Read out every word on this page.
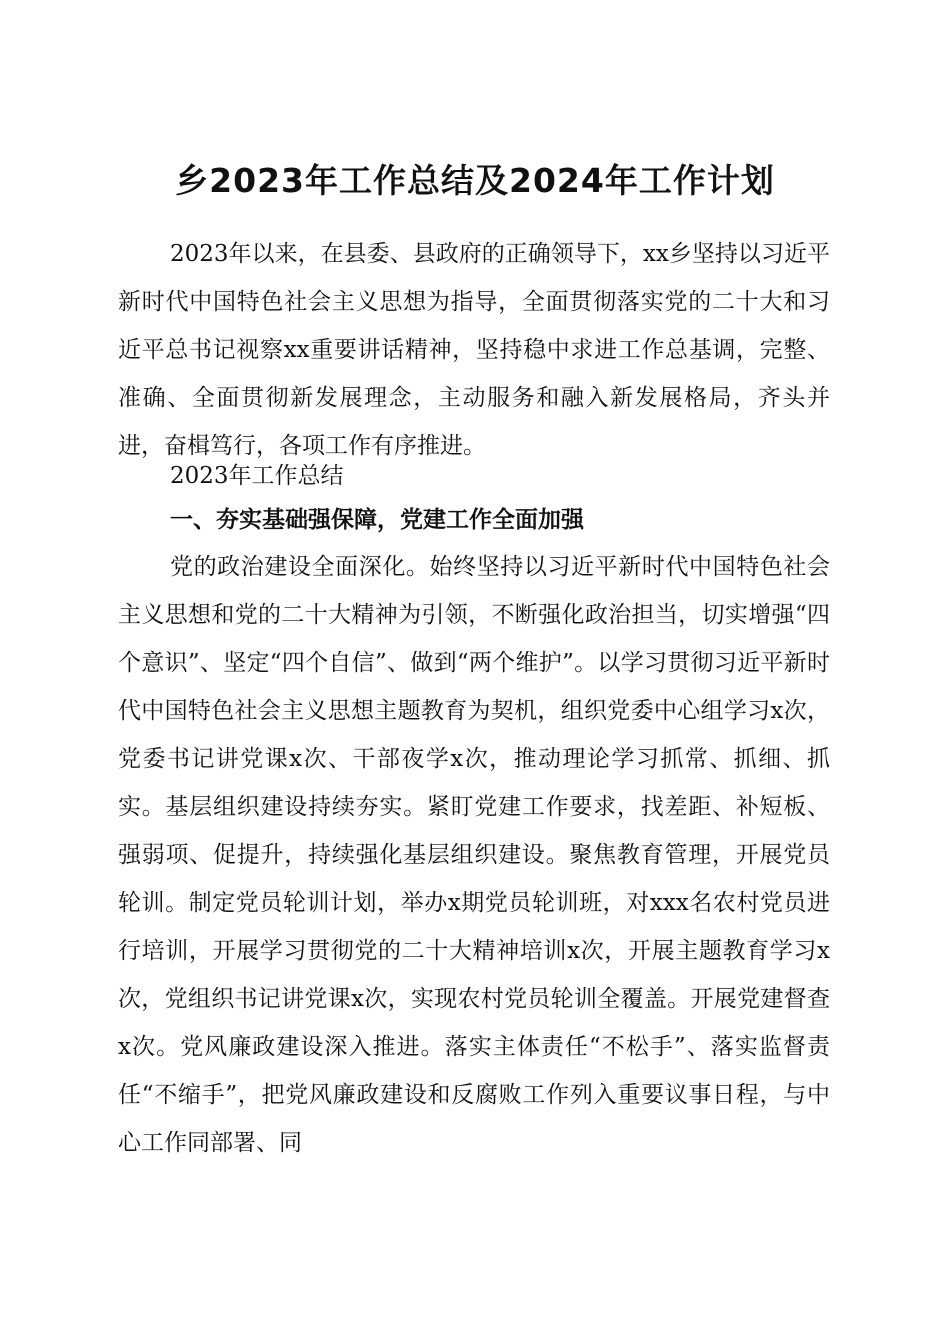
乡2023年工作总结及2024年工作计划

2023年以来，在县委、县政府的正确领导下，xx乡坚持以习近平新时代中国特色社会主义思想为指导，全面贯彻落实党的二十大和习近平总书记视察xx重要讲话精神，坚持稳中求进工作总基调，完整、准确、全面贯彻新发展理念，主动服务和融入新发展格局，齐头并进，奋楫笃行，各项工作有序推进。

2023年工作总结

一、夯实基础强保障，党建工作全面加强

党的政治建设全面深化。始终坚持以习近平新时代中国特色社会主义思想和党的二十大精神为引领，不断强化政治担当，切实增强“四个意识”、坚定“四个自信”、做到“两个维护”。以学习贯彻习近平新时代中国特色社会主义思想主题教育为契机，组织党委中心组学习x次，党委书记讲党课x次、干部夜学x次，推动理论学习抓常、抓细、抓实。基层组织建设持续夯实。紧盯党建工作要求，找差距、补短板、强弱项、促提升，持续强化基层组织建设。聚焦教育管理，开展党员轮训。制定党员轮训计划，举办x期党员轮训班，对xxx名农村党员进行培训，开展学习贯彻党的二十大精神培训x次，开展主题教育学习x次，党组织书记讲党课x次，实现农村党员轮训全覆盖。开展党建督查x次。党风廉政建设深入推进。落实主体责任“不松手”、落实监督责任“不缩手”，把党风廉政建设和反腐败工作列入重要议事日程，与中心工作同部署、同
